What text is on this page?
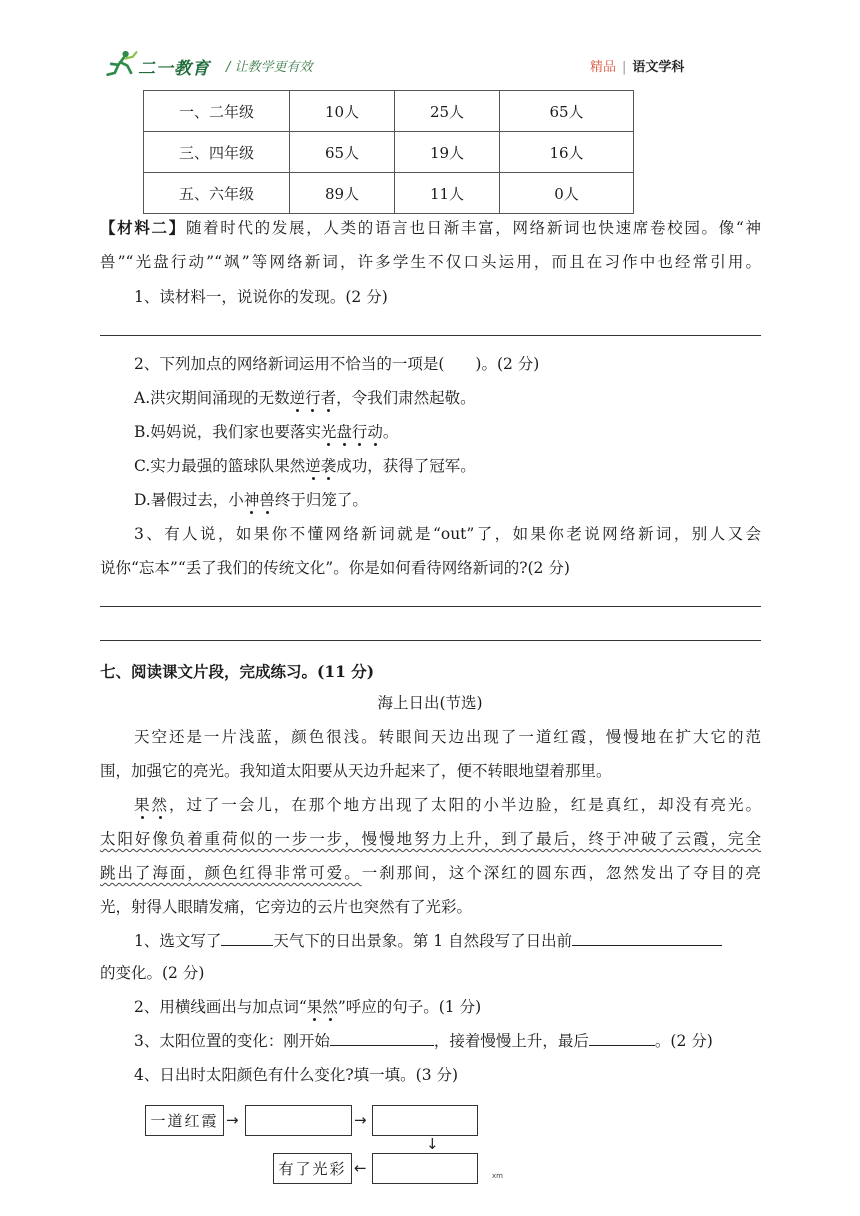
二一教育 / 让教学更有效	精品 | 语文学科
一、二年级	10人	25人	65人
三、四年级	65人	19人	16人
五、六年级	89人	11人	0人
【材料二】随着时代的发展，人类的语言也日渐丰富，网络新词也快速席卷校园。像“神
兽”“光盘行动”“飒”等网络新词，许多学生不仅口头运用，而且在习作中也经常引用。
1、读材料一，说说你的发现。(2 分)
2、下列加点的网络新词运用不恰当的一项是(　　)。(2 分)
A.洪灾期间涌现的无数逆行者，令我们肃然起敬。
B.妈妈说，我们家也要落实光盘行动。
C.实力最强的篮球队果然逆袭成功，获得了冠军。
D.暑假过去，小神兽终于归笼了。
3、有人说，如果你不懂网络新词就是“out”了，如果你老说网络新词，别人又会
说你“忘本”“丢了我们的传统文化”。你是如何看待网络新词的?(2 分)
七、阅读课文片段，完成练习。(11 分)
海上日出(节选)
天空还是一片浅蓝，颜色很浅。转眼间天边出现了一道红霞，慢慢地在扩大它的范
围，加强它的亮光。我知道太阳要从天边升起来了，便不转眼地望着那里。
果然，过了一会儿，在那个地方出现了太阳的小半边脸，红是真红，却没有亮光。
太阳好像负着重荷似的一步一步，慢慢地努力上升，到了最后，终于冲破了云霞，完全
跳出了海面，颜色红得非常可爱。一刹那间，这个深红的圆东西，忽然发出了夺目的亮
光，射得人眼睛发痛，它旁边的云片也突然有了光彩。
1、选文写了	天气下的日出景象。第 1 自然段写了日出前
的变化。(2 分)
2、用横线画出与加点词“果然”呼应的句子。(1 分)
3、太阳位置的变化：刚开始	，接着慢慢上升，最后	。(2 分)
4、日出时太阳颜色有什么变化?填一填。(3 分)
一道红霞 →	→
↓
有了光彩 ←	xm
